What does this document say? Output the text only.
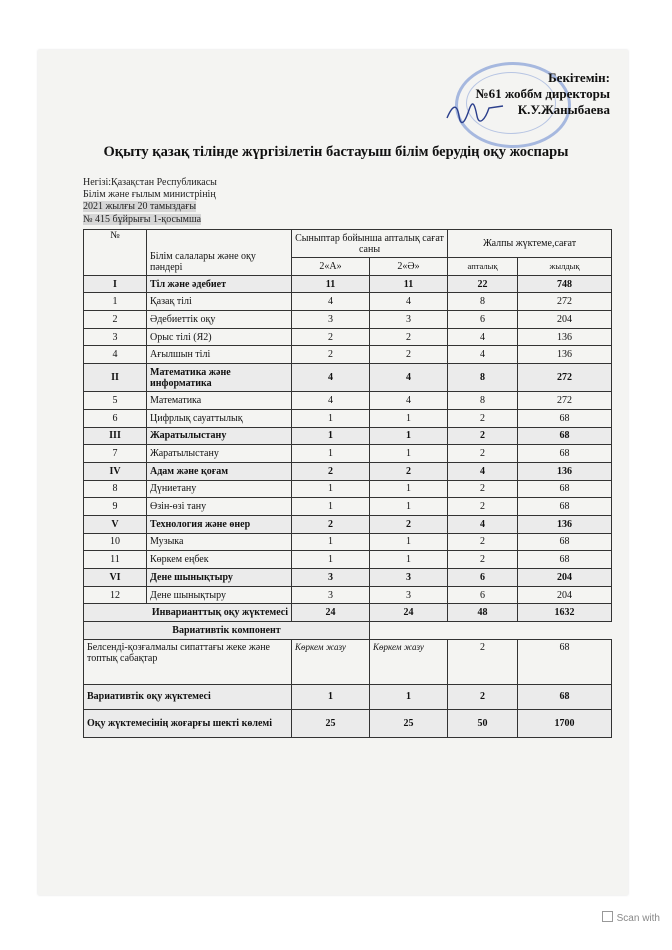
Бекітемін:
№61 жоббм директоры
К.У.Жаныбаева
Оқыту қазақ тілінде жүргізілетін бастауыш білім берудің оқу жоспары
Негізі:Қазақстан Республикасы
Білім және ғылым министрінің
2021 жылғы 20 тамыздағы
№ 415 бұйрығы 1-қосымша
№	Білім салалары және оқу пәндері	Сыныптар бойынша апталық сағат саны		Жалпы жүктеме,сағат	
		2«А»	2«Ә»	апталық	жылдық
I	Тіл және әдебиет	11	11	22	748
1	Қазақ тілі	4	4	8	272
2	Әдебиеттік оқу	3	3	6	204
3	Орыс тілі (Я2)	2	2	4	136
4	Ағылшын тілі	2	2	4	136
II	Математика және информатика	4	4	8	272
5	Математика	4	4	8	272
6	Цифрлық сауаттылық	1	1	2	68
III	Жаратылыстану	1	1	2	68
7	Жаратылыстану	1	1	2	68
IV	Адам және қоғам	2	2	4	136
8	Дүниетану	1	1	2	68
9	Өзін-өзі тану	1	1	2	68
V	Технология және өнер	2	2	4	136
10	Музыка	1	1	2	68
11	Көркем еңбек	1	1	2	68
VI	Дене шынықтыру	3	3	6	204
12	Дене шынықтыру	3	3	6	204
Инварианттық оқу жүктемесі		24	24	48	1632
Вариативтік компонент					
Белсенді-қозғалмалы сипаттағы жеке және топтық сабақтар		Көркем жазу	Көркем жазу	2	68
Вариативтік оқу жүктемесі		1	1	2	68
Оқу жүктемесінің жоғарғы шекті көлемі		25	25	50	1700
Scan with
